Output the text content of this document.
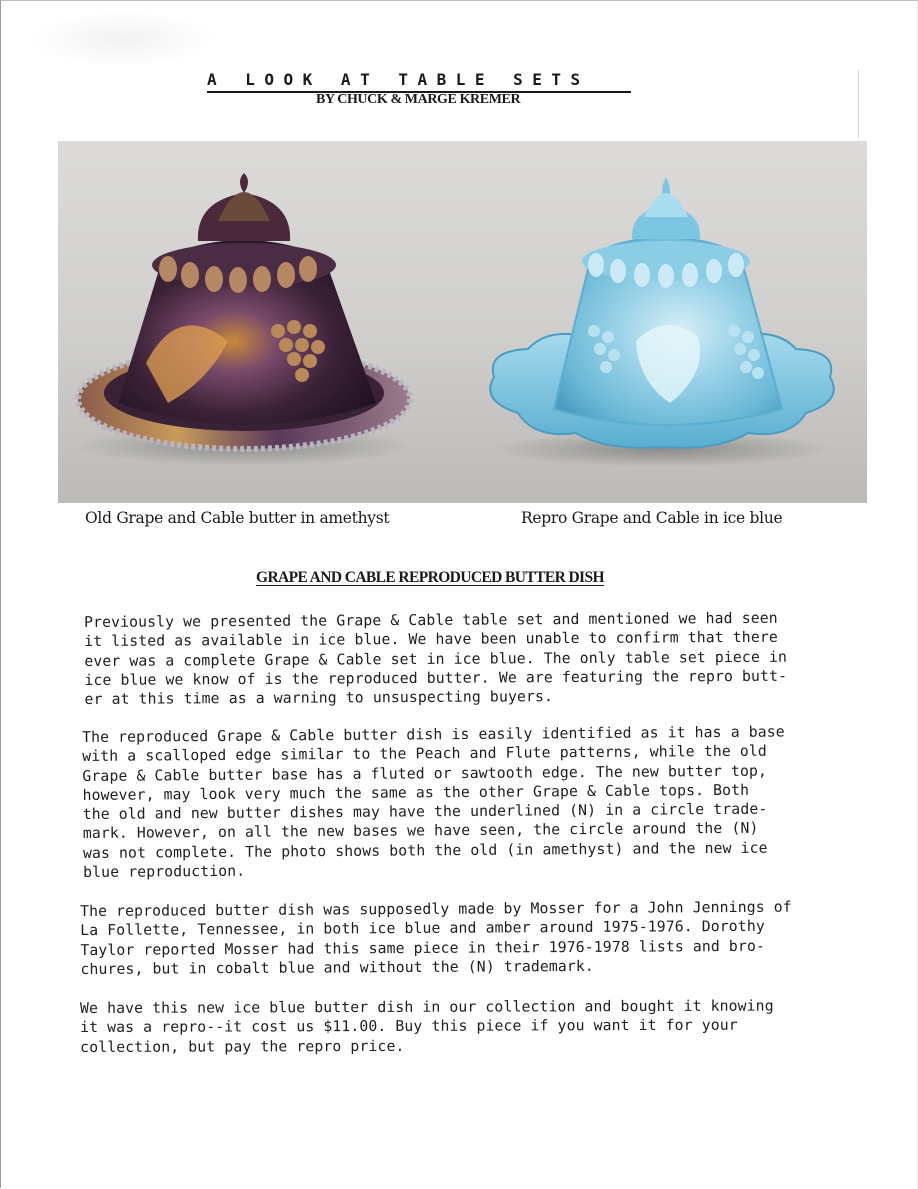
A LOOK AT TABLE SETS
BY CHUCK & MARGE KREMER
Old Grape and Cable butter in amethyst	Repro Grape and Cable in ice blue
GRAPE AND CABLE REPRODUCED BUTTER DISH
Previously we presented the Grape & Cable table set and mentioned we had seen
it listed as available in ice blue. We have been unable to confirm that there
ever was a complete Grape & Cable set in ice blue. The only table set piece in
ice blue we know of is the reproduced butter. We are featuring the repro butt-
er at this time as a warning to unsuspecting buyers.
The reproduced Grape & Cable butter dish is easily identified as it has a base
with a scalloped edge similar to the Peach and Flute patterns, while the old
Grape & Cable butter base has a fluted or sawtooth edge. The new butter top,
however, may look very much the same as the other Grape & Cable tops. Both
the old and new butter dishes may have the underlined (N) in a circle trade-
mark. However, on all the new bases we have seen, the circle around the (N)
was not complete. The photo shows both the old (in amethyst) and the new ice
blue reproduction.
The reproduced butter dish was supposedly made by Mosser for a John Jennings of
La Follette, Tennessee, in both ice blue and amber around 1975-1976. Dorothy
Taylor reported Mosser had this same piece in their 1976-1978 lists and bro-
chures, but in cobalt blue and without the (N) trademark.
We have this new ice blue butter dish in our collection and bought it knowing
it was a repro--it cost us $11.00. Buy this piece if you want it for your
collection, but pay the repro price.
